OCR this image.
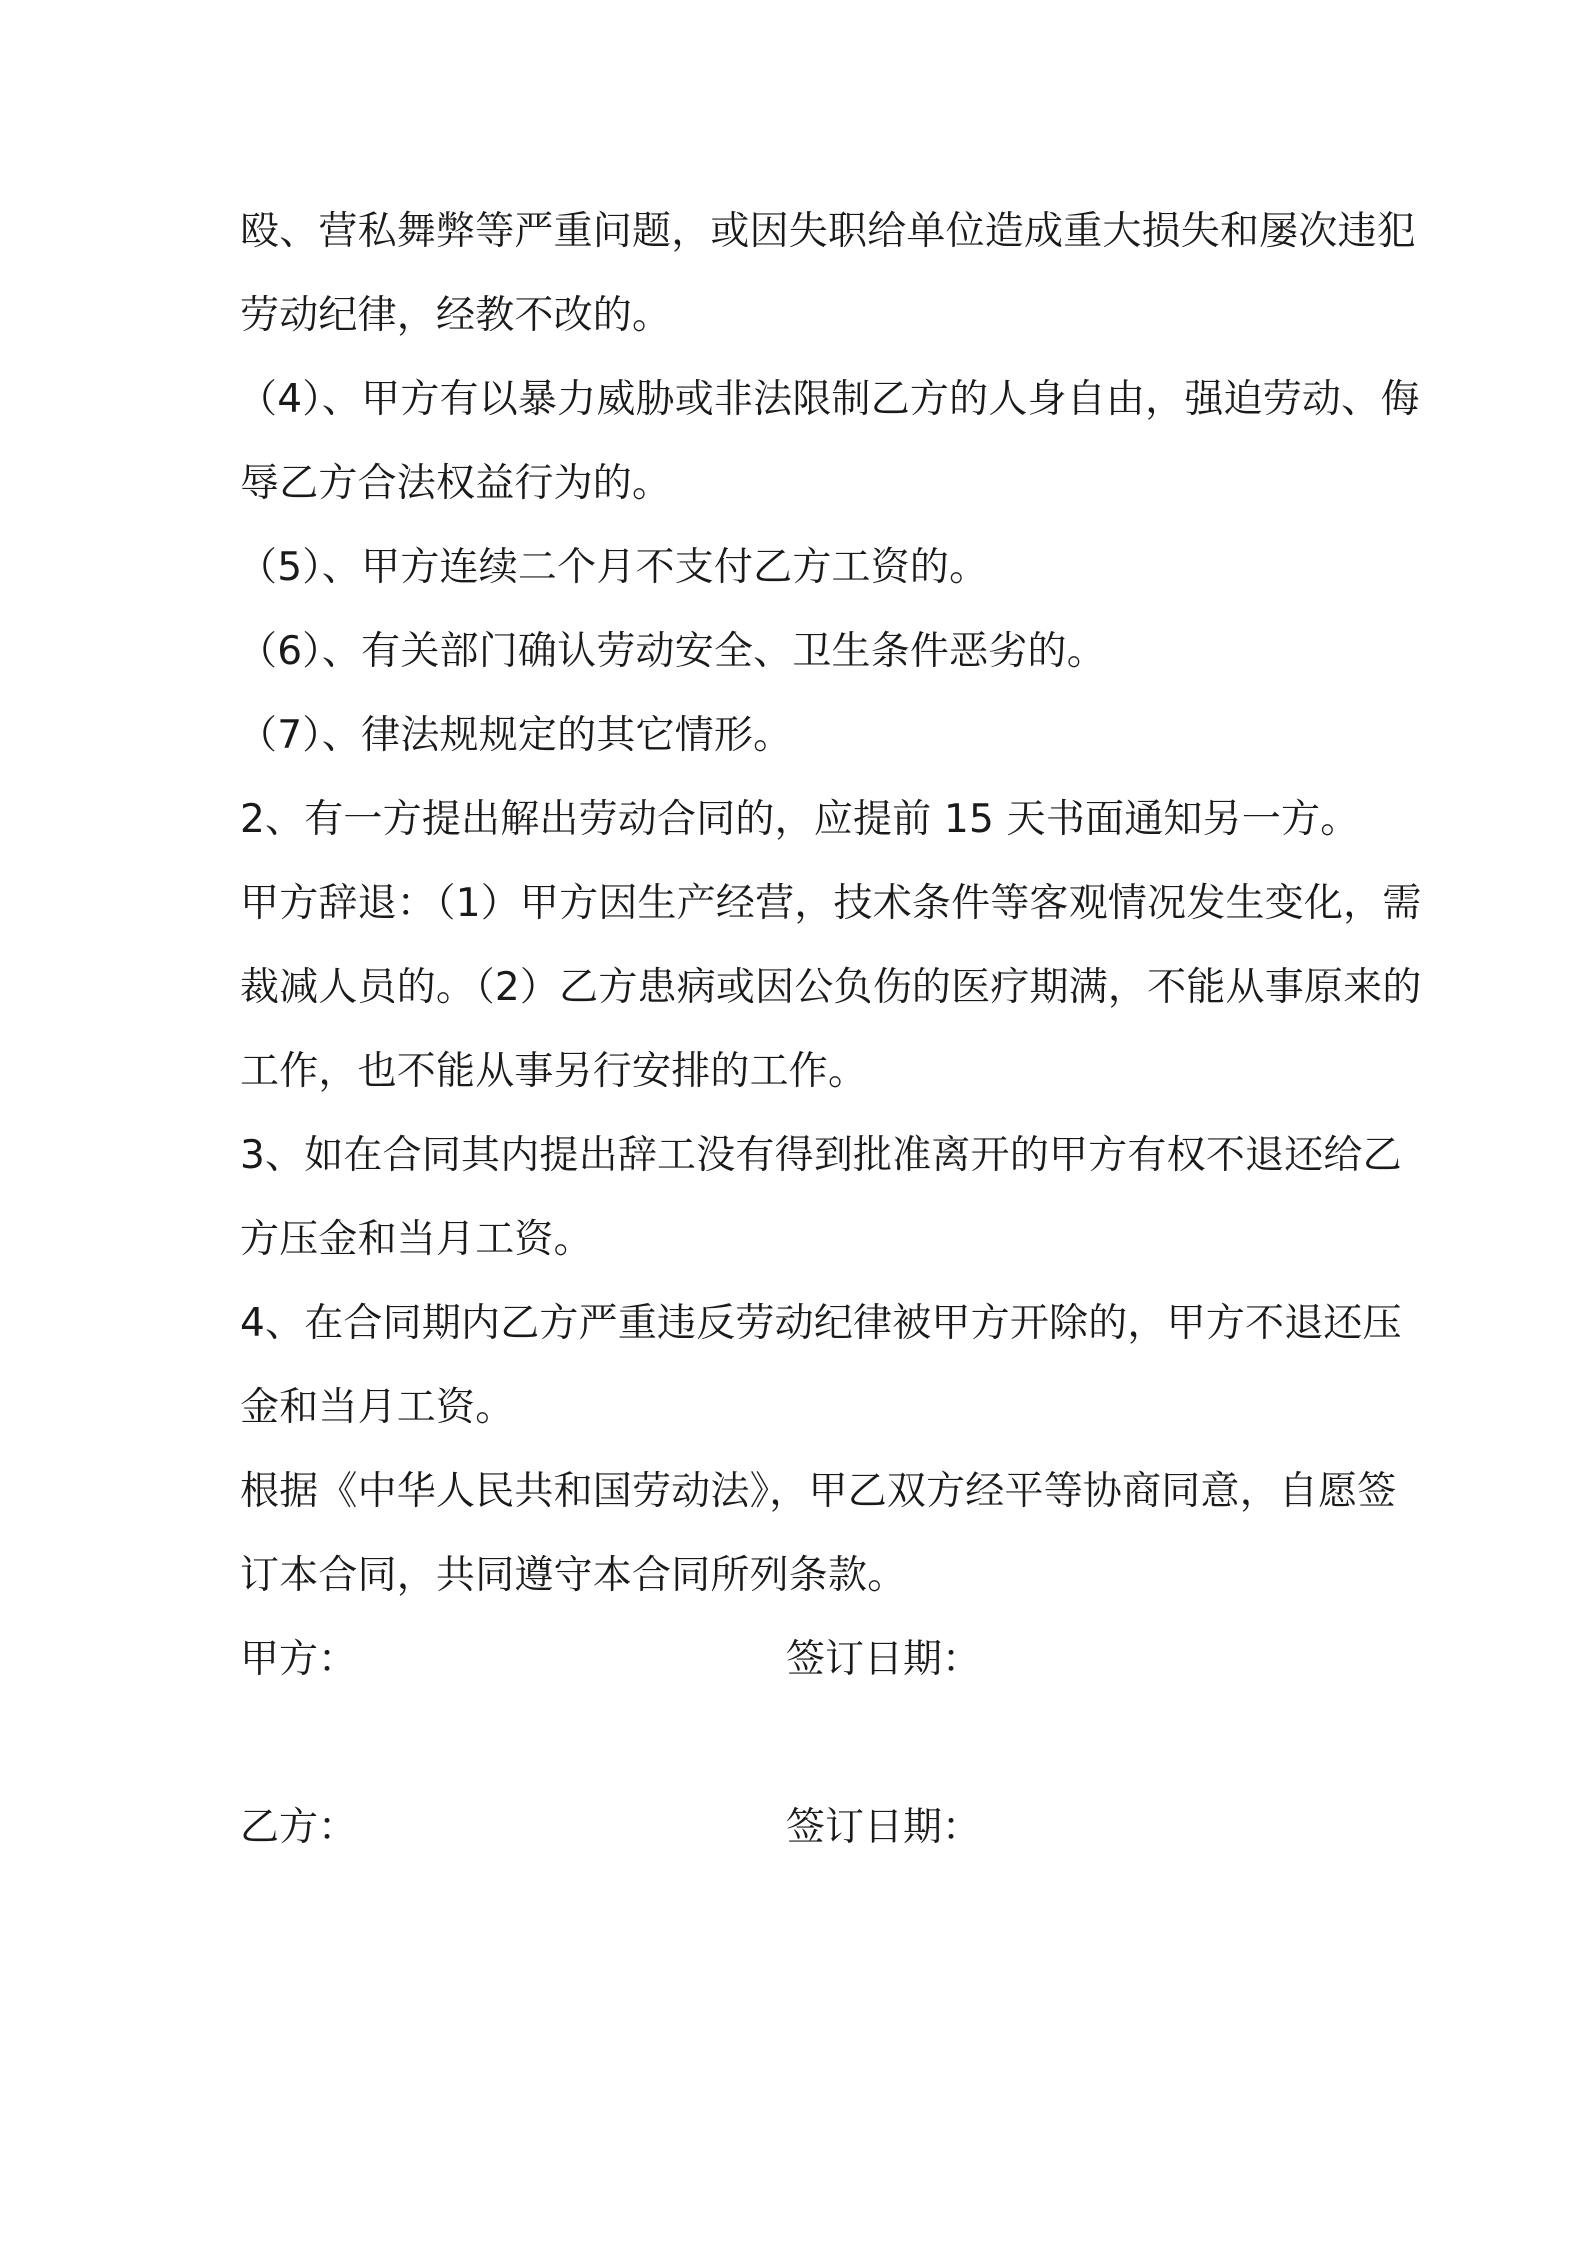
殴、营私舞弊等严重问题，或因失职给单位造成重大损失和屡次违犯
劳动纪律，经教不改的。
（4）、甲方有以暴力威胁或非法限制乙方的人身自由，强迫劳动、侮
辱乙方合法权益行为的。
（5）、甲方连续二个月不支付乙方工资的。
（6）、有关部门确认劳动安全、卫生条件恶劣的。
（7）、律法规规定的其它情形。
2、有一方提出解出劳动合同的，应提前 15 天书面通知另一方。
甲方辞退：（1）甲方因生产经营，技术条件等客观情况发生变化，需
裁减人员的。（2）乙方患病或因公负伤的医疗期满，不能从事原来的
工作，也不能从事另行安排的工作。
3、如在合同其内提出辞工没有得到批准离开的甲方有权不退还给乙
方压金和当月工资。
4、在合同期内乙方严重违反劳动纪律被甲方开除的，甲方不退还压
金和当月工资。
根据《中华人民共和国劳动法》，甲乙双方经平等协商同意，自愿签
订本合同，共同遵守本合同所列条款。
甲方：	签订日期：
乙方：	签订日期：
